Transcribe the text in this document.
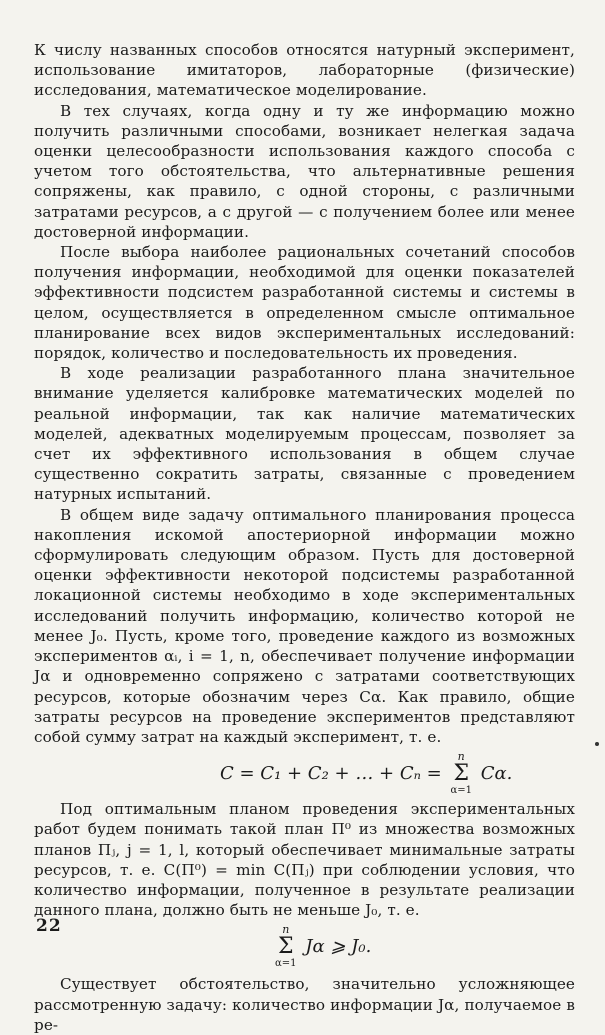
К числу названных способов относятся натурный эксперимент, использование имитаторов, лабораторные (физические) исследования, математическое моделирование.

В тех случаях, когда одну и ту же информацию можно получить различными способами, возникает нелегкая задача оценки целесообразности использования каждого способа с учетом того обстоятельства, что альтернативные решения сопряжены, как правило, с одной стороны, с различными затратами ресурсов, а с другой — с получением более или менее достоверной информации.

После выбора наиболее рациональных сочетаний способов получения информации, необходимой для оценки показателей эффективности подсистем разработанной системы и системы в целом, осуществляется в определенном смысле оптимальное планирование всех видов экспериментальных исследований: порядок, количество и последовательность их проведения.

В ходе реализации разработанного плана значительное внимание уделяется калибровке математических моделей по реальной информации, так как наличие математических моделей, адекватных моделируемым процессам, позволяет за счет их эффективного использования в общем случае существенно сократить затраты, связанные с проведением натурных испытаний.

В общем виде задачу оптимального планирования процесса накопления искомой апостериорной информации можно сформулировать следующим образом. Пусть для достоверной оценки эффективности некоторой подсистемы разработанной локационной системы необходимо в ходе экспериментальных исследований получить информацию, количество которой не менее J₀. Пусть, кроме того, проведение каждого из возможных экспериментов αᵢ, i = 1, n, обеспечивает получение информации Jα и одновременно сопряжено с затратами соответствующих ресурсов, которые обозначим через Cα. Как правило, общие затраты ресурсов на проведение экспериментов представляют собой сумму затрат на каждый эксперимент, т. е.

C = C₁ + C₂ + … + Cₙ =
n
Σ
α=1
Cα.

Под оптимальным планом проведения экспериментальных работ будем понимать такой план П⁰ из множества возможных планов Пⱼ, j = 1, l, который обеспечивает минимальные затраты ресурсов, т. е. C(П⁰) = min C(Пⱼ) при соблюдении условия, что количество информации, полученное в результате реализации данного плана, должно быть не меньше J₀, т. е.

n
Σ
α=1
Jα ⩾ J₀.

Существует обстоятельство, значительно усложняющее рассмотренную задачу: количество информации Jα, получаемое в ре-

22
